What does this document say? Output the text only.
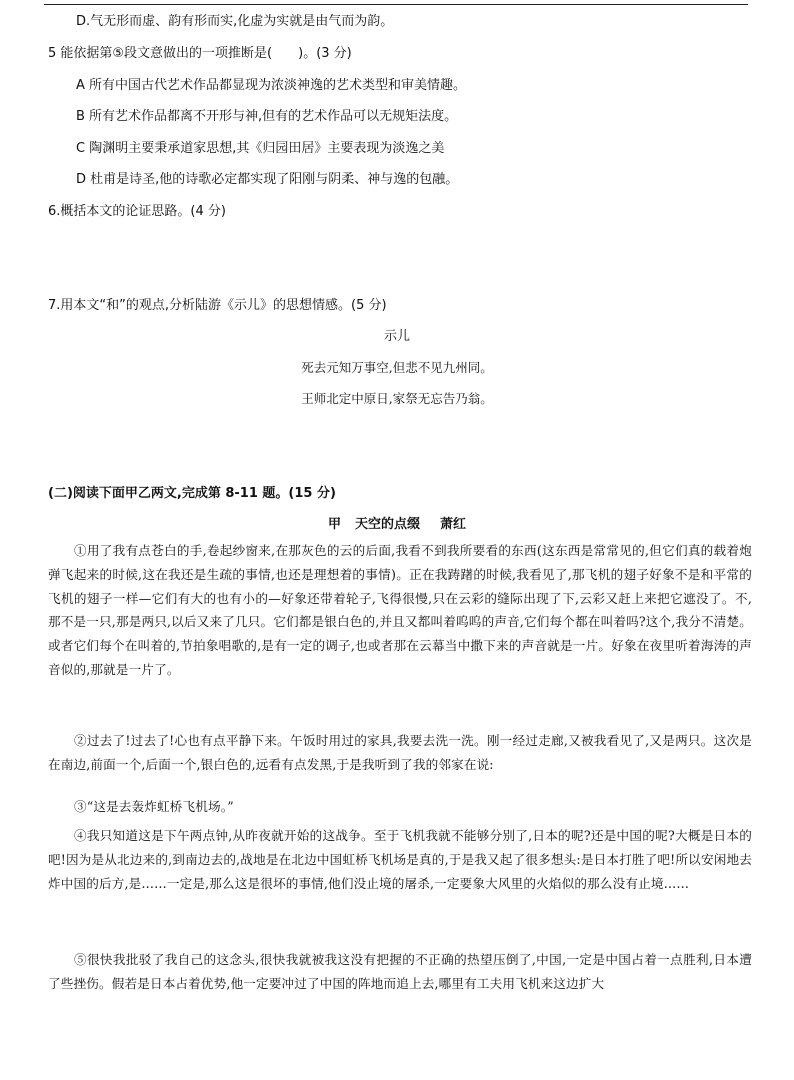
D.气无形而虚、韵有形而实,化虚为实就是由气而为韵。
5 能依据第⑤段文意做出的一项推断是(　　)。(3 分)
A 所有中国古代艺术作品都显现为浓淡神逸的艺术类型和审美情趣。
B 所有艺术作品都离不开形与神,但有的艺术作品可以无规矩法度。
C 陶渊明主要秉承道家思想,其《归园田居》主要表现为淡逸之美
D 杜甫是诗圣,他的诗歌必定都实现了阳刚与阴柔、神与逸的包融。
6.概括本文的论证思路。(4 分)
7.用本文“和”的观点,分析陆游《示儿》的思想情感。(5 分)
示儿
死去元知万事空,但悲不见九州同。
王师北定中原日,家祭无忘告乃翁。
(二)阅读下面甲乙两文,完成第 8-11 题。(15 分)
甲 天空的点缀 萧红
①用了我有点苍白的手,卷起纱窗来,在那灰色的云的后面,我看不到我所要看的东西(这东西是常常见的,但它们真的载着炮弹飞起来的时候,这在我还是生疏的事情,也还是理想着的事情)。正在我踌躇的时候,我看见了,那飞机的翅子好象不是和平常的飞机的翅子一样—它们有大的也有小的—好象还带着轮子,飞得很慢,只在云彩的缝际出现了下,云彩又赶上来把它遮没了。不,那不是一只,那是两只,以后又来了几只。它们都是银白色的,并且又都叫着呜呜的声音,它们每个都在叫着吗?这个,我分不清楚。或者它们每个在叫着的,节拍象唱歌的,是有一定的调子,也或者那在云幕当中撒下来的声音就是一片。好象在夜里听着海涛的声音似的,那就是一片了。
②过去了!过去了!心也有点平静下来。午饭时用过的家具,我要去洗一洗。刚一经过走廊,又被我看见了,又是两只。这次是在南边,前面一个,后面一个,银白色的,远看有点发黑,于是我听到了我的邻家在说:
③“这是去轰炸虹桥飞机场。”
④我只知道这是下午两点钟,从昨夜就开始的这战争。至于飞机我就不能够分别了,日本的呢?还是中国的呢?大概是日本的吧!因为是从北边来的,到南边去的,战地是在北边中国虹桥飞机场是真的,于是我又起了很多想头:是日本打胜了吧!所以安闲地去炸中国的后方,是……一定是,那么这是很坏的事情,他们没止境的屠杀,一定要象大风里的火焰似的那么没有止境……
⑤很快我批驳了我自己的这念头,很快我就被我这没有把握的不正确的热望压倒了,中国,一定是中国占着一点胜利,日本遭了些挫伤。假若是日本占着优势,他一定要冲过了中国的阵地而追上去,哪里有工夫用飞机来这边扩大
